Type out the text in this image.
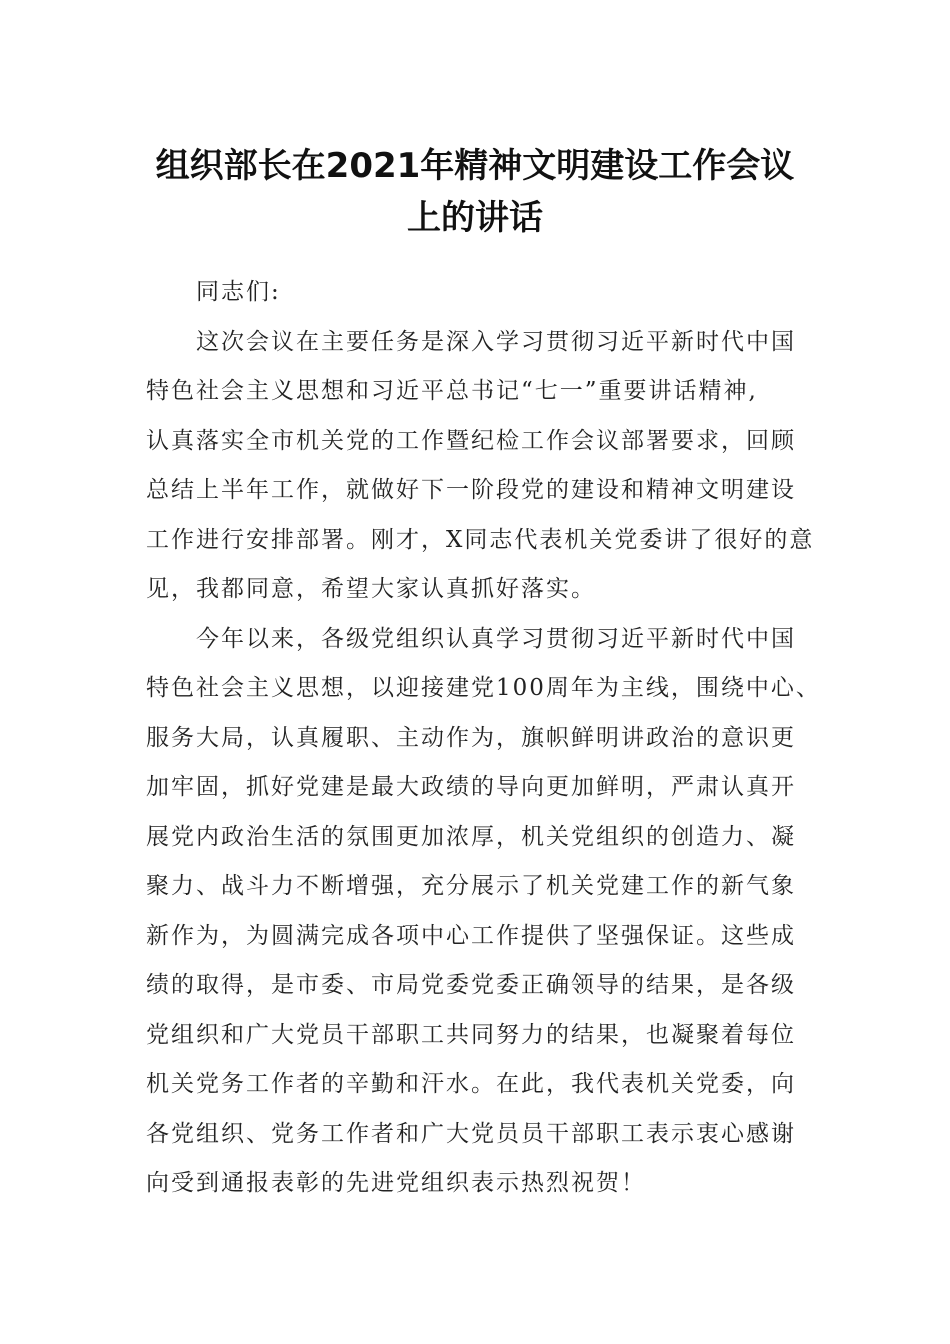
组织部长在2021年精神文明建设工作会议
上的讲话
同志们:
这次会议在主要任务是深入学习贯彻习近平新时代中国
特色社会主义思想和习近平总书记“七一”重要讲话精神,
认真落实全市机关党的工作暨纪检工作会议部署要求，回顾
总结上半年工作，就做好下一阶段党的建设和精神文明建设
工作进行安排部署。刚才，X同志代表机关党委讲了很好的意
见，我都同意，希望大家认真抓好落实。
今年以来，各级党组织认真学习贯彻习近平新时代中国
特色社会主义思想，以迎接建党100周年为主线，围绕中心、
服务大局，认真履职、主动作为，旗帜鲜明讲政治的意识更
加牢固，抓好党建是最大政绩的导向更加鲜明，严肃认真开
展党内政治生活的氛围更加浓厚，机关党组织的创造力、凝
聚力、战斗力不断增强，充分展示了机关党建工作的新气象
新作为，为圆满完成各项中心工作提供了坚强保证。这些成
绩的取得，是市委、市局党委党委正确领导的结果，是各级
党组织和广大党员干部职工共同努力的结果，也凝聚着每位
机关党务工作者的辛勤和汗水。在此，我代表机关党委，向
各党组织、党务工作者和广大党员员干部职工表示衷心感谢
向受到通报表彰的先进党组织表示热烈祝贺！
